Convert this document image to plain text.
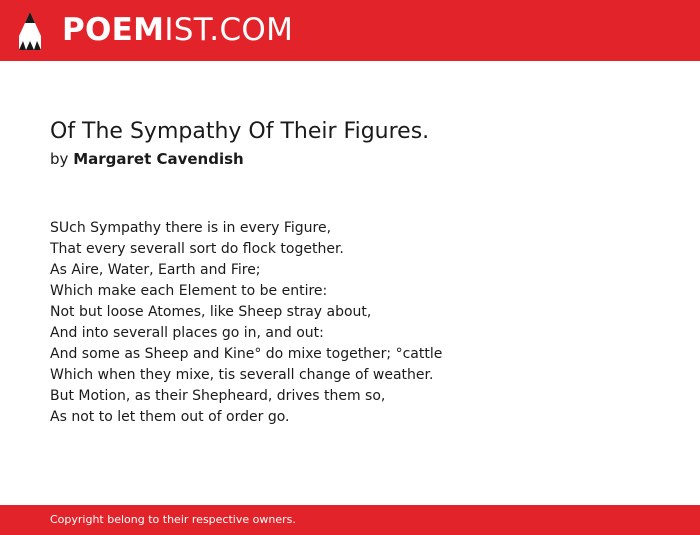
POEMIST.COM
Of The Sympathy Of Their Figures.
by Margaret Cavendish
SUch Sympathy there is in every Figure,
That every severall sort do flock together.
As Aire, Water, Earth and Fire;
Which make each Element to be entire:
Not but loose Atomes, like Sheep stray about,
And into severall places go in, and out:
And some as Sheep and Kine° do mixe together; °cattle
Which when they mixe, tis severall change of weather.
But Motion, as their Shepheard, drives them so,
As not to let them out of order go.
Copyright belong to their respective owners.
